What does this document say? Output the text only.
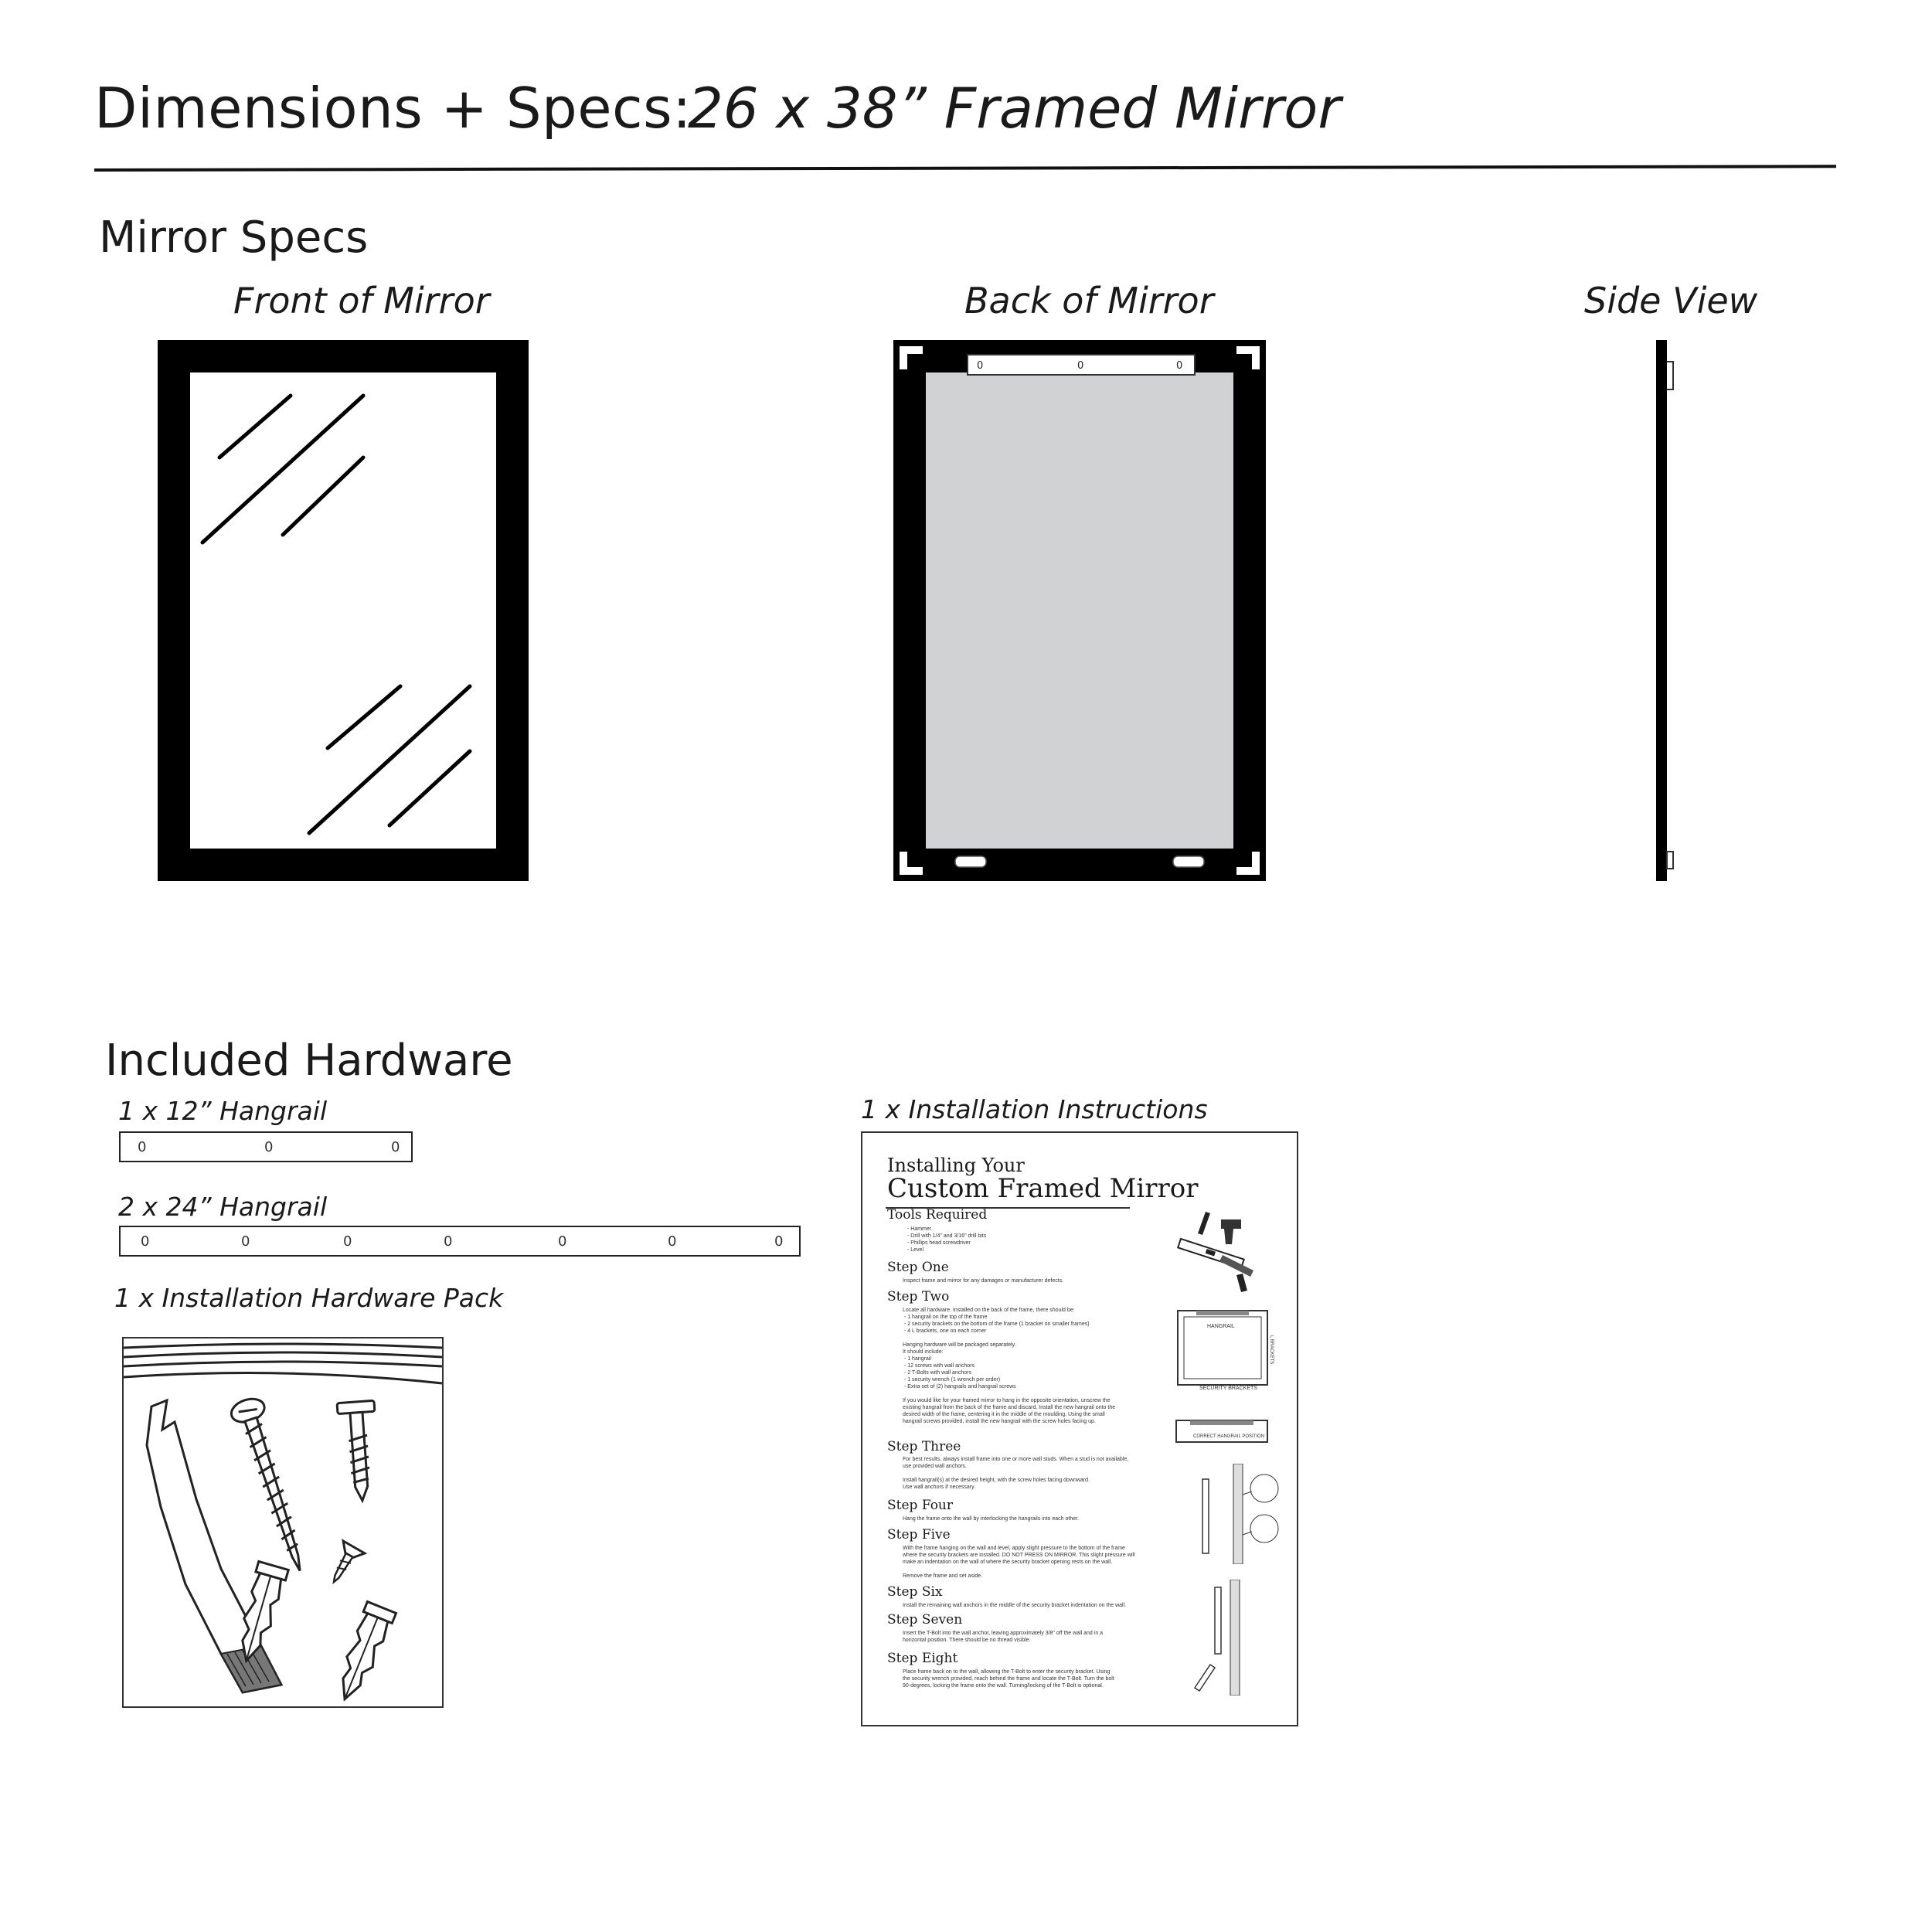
Dimensions + Specs:
26 x 38” Framed Mirror
Mirror Specs
Front of Mirror	Back of Mirror	Side View
0	0	0
Included Hardware
1 x 12” Hangrail
0	0	0
2 x 24” Hangrail
0	0	0	0	0	0	0
1 x Installation Hardware Pack
1 x Installation Instructions
Installing Your
Custom Framed Mirror
Tools Required
- Hammer
- Drill with 1/4" and 3/16" drill bits
- Phillips head screwdriver
- Level
Step One
Inspect frame and mirror for any damages or manufacturer defects.
Step Two
Locate all hardware. Installed on the back of the frame, there should be:
- 1 hangrail on the top of the frame
- 2 security brackets on the bottom of the frame (1 bracket on smaller frames)
- 4 L brackets, one on each corner

Hanging hardware will be packaged separately.
It should include:
- 1 hangrail
- 12 screws with wall anchors
- 2 T-Bolts with wall anchors
- 1 security wrench (1 wrench per order)
- Extra set of (2) hangrails and hangrail screws

If you would like for your framed mirror to hang in the opposite orientation, unscrew the
existing hangrail from the back of the frame and discard. Install the new hangrail onto the
desired width of the frame, centering it in the middle of the moulding. Using the small
hangrail screws provided, install the new hangrail with the screw holes facing up.
Step Three
For best results, always install frame into one or more wall studs. When a stud is not available,
use provided wall anchors.

Install hangrail(s) at the desired height, with the screw holes facing downward.
Use wall anchors if necessary.
Step Four
Hang the frame onto the wall by interlocking the hangrails into each other.
Step Five
With the frame hanging on the wall and level, apply slight pressure to the bottom of the frame
where the security brackets are installed. DO NOT PRESS ON MIRROR. This slight pressure will
make an indentation on the wall of where the security bracket opening rests on the wall.

Remove the frame and set aside.
Step Six
Install the remaining wall anchors in the middle of the security bracket indentation on the wall.
Step Seven
Insert the T-Bolt into the wall anchor, leaving approximately 3/8" off the wall and in a
horizontal position. There should be no thread visible.
Step Eight
Place frame back on to the wall, allowing the T-Bolt to enter the security bracket. Using
the security wrench provided, reach behind the frame and locate the T-Bolt. Turn the bolt
90-degrees, locking the frame onto the wall. Turning/locking of the T-Bolt is optional.
HANGRAIL
SECURITY BRACKETS
L BRACKETS
CORRECT HANGRAIL POSITION
